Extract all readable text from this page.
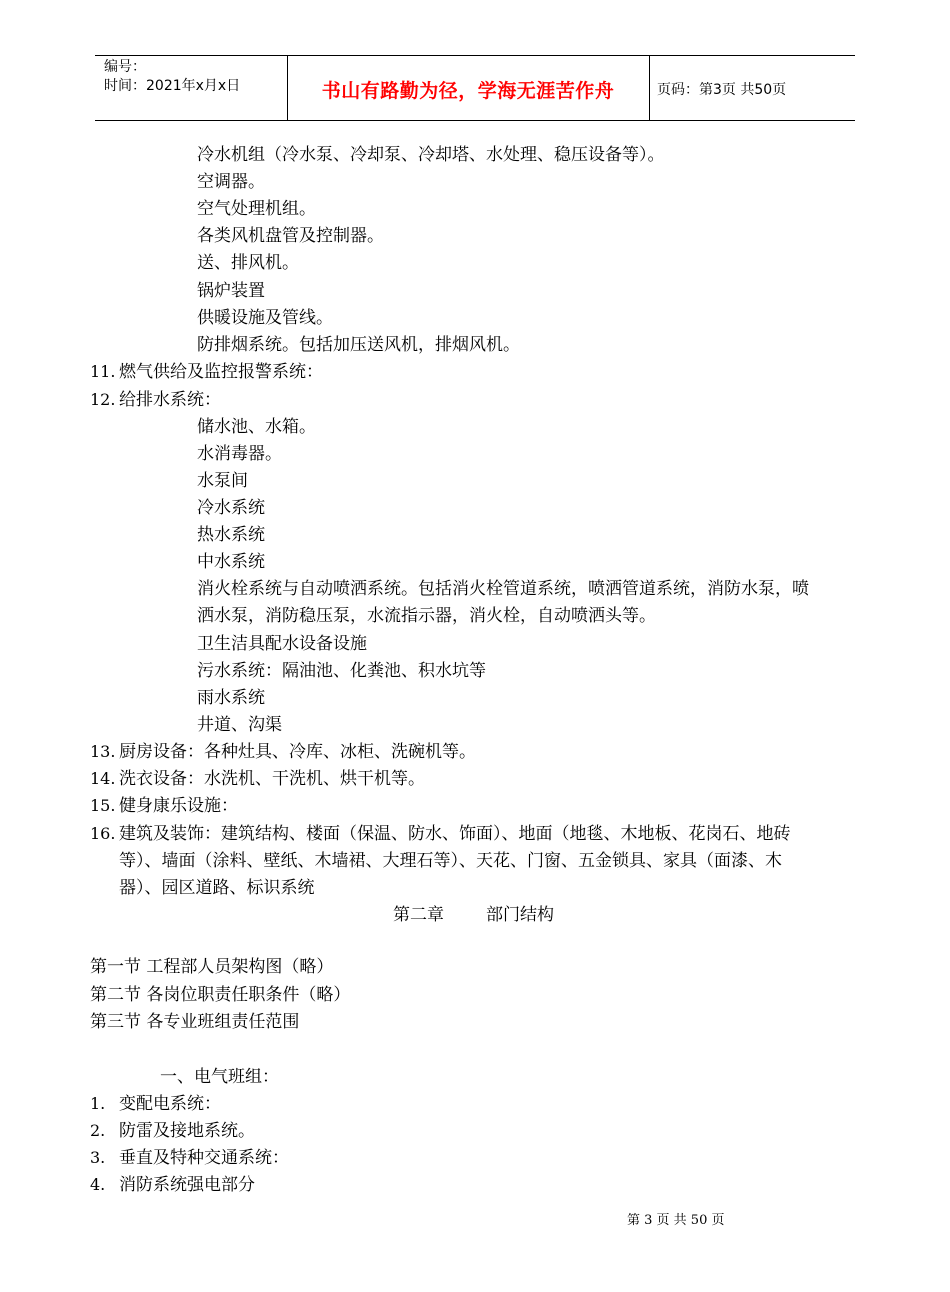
编号：
时间：2021年x月x日	书山有路勤为径，学海无涯苦作舟	页码：第3页 共50页
冷水机组（冷水泵、冷却泵、冷却塔、水处理、稳压设备等）。
空调器。
空气处理机组。
各类风机盘管及控制器。
送、排风机。
锅炉装置
供暖设施及管线。
防排烟系统。包括加压送风机，排烟风机。
11. 燃气供给及监控报警系统：
12. 给排水系统：
储水池、水箱。
水消毒器。
水泵间
冷水系统
热水系统
中水系统
消火栓系统与自动喷洒系统。包括消火栓管道系统，喷洒管道系统，消防水泵，喷
洒水泵，消防稳压泵，水流指示器，消火栓，自动喷洒头等。
卫生洁具配水设备设施
污水系统：隔油池、化粪池、积水坑等
雨水系统
井道、沟渠
13. 厨房设备：各种灶具、冷库、冰柜、洗碗机等。
14. 洗衣设备：水洗机、干洗机、烘干机等。
15. 健身康乐设施：
16. 建筑及装饰：建筑结构、楼面（保温、防水、饰面）、地面（地毯、木地板、花岗石、地砖
等）、墙面（涂料、壁纸、木墙裙、大理石等）、天花、门窗、五金锁具、家具（面漆、木
器）、园区道路、标识系统
第二章 部门结构
第一节 工程部人员架构图（略）
第二节 各岗位职责任职条件（略）
第三节 各专业班组责任范围
一、电气班组：
1. 变配电系统：
2. 防雷及接地系统。
3. 垂直及特种交通系统：
4. 消防系统强电部分
第 3 页 共 50 页
